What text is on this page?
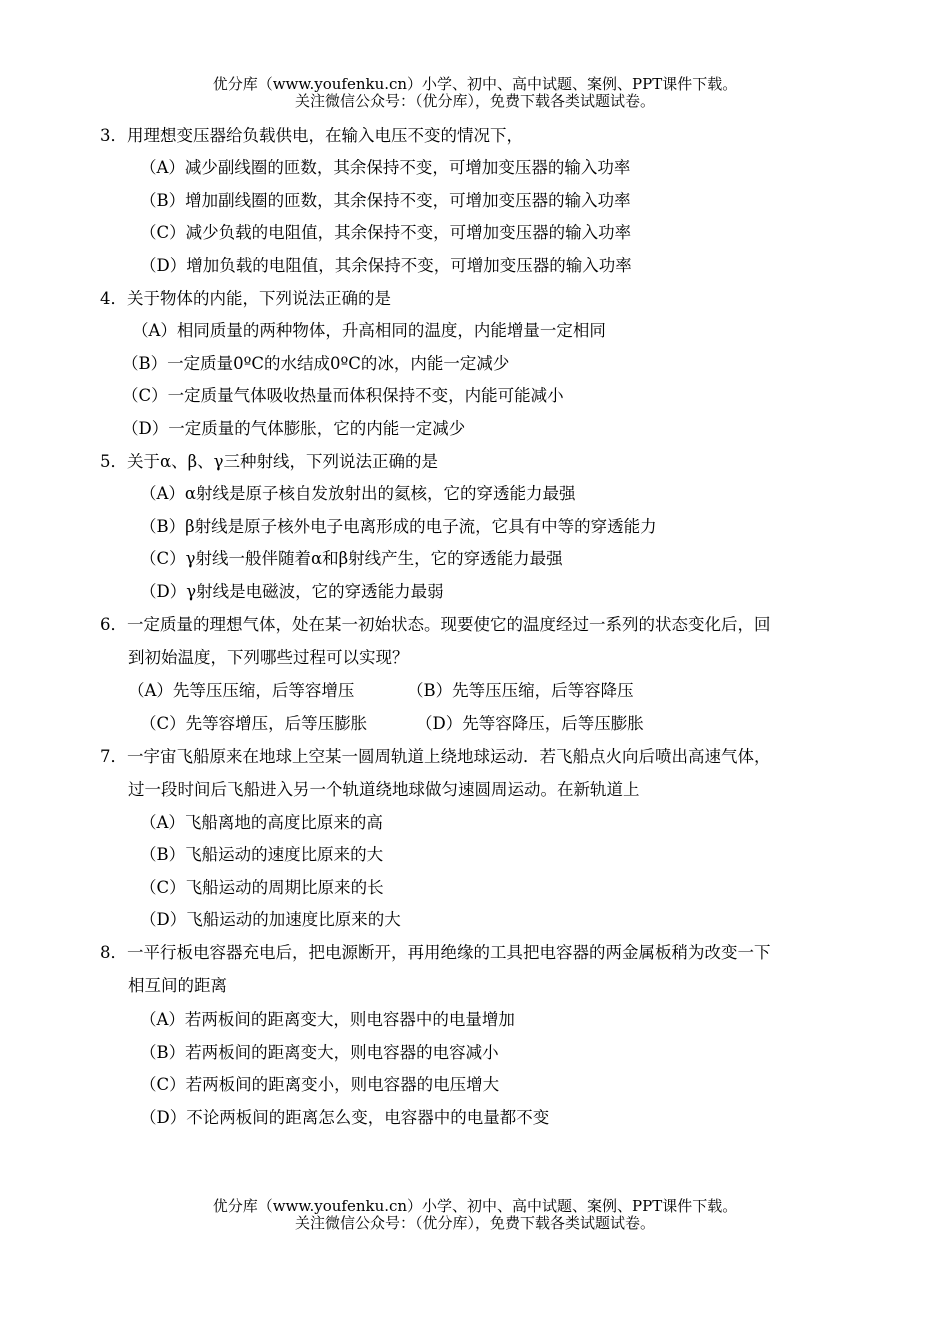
优分库（www.youfenku.cn）小学、初中、高中试题、案例、PPT课件下载。
关注微信公众号：（优分库），免费下载各类试题试卷。
3．用理想变压器给负载供电，在输入电压不变的情况下，
（A）减少副线圈的匝数，其余保持不变，可增加变压器的输入功率
（B）增加副线圈的匝数，其余保持不变，可增加变压器的输入功率
（C）减少负载的电阻值，其余保持不变，可增加变压器的输入功率
（D）增加负载的电阻值，其余保持不变，可增加变压器的输入功率
4．关于物体的内能，下列说法正确的是
（A）相同质量的两种物体，升高相同的温度，内能增量一定相同
（B）一定质量0ºC的水结成0ºC的冰，内能一定减少
（C）一定质量气体吸收热量而体积保持不变，内能可能减小
（D）一定质量的气体膨胀，它的内能一定减少
5．关于α、β、γ三种射线，下列说法正确的是
（A）α射线是原子核自发放射出的氦核，它的穿透能力最强
（B）β射线是原子核外电子电离形成的电子流，它具有中等的穿透能力
（C）γ射线一般伴随着α和β射线产生，它的穿透能力最强
（D）γ射线是电磁波，它的穿透能力最弱
6．一定质量的理想气体，处在某一初始状态。现要使它的温度经过一系列的状态变化后，回
到初始温度，下列哪些过程可以实现？
（A）先等压压缩，后等容增压	（B）先等压压缩，后等容降压
（C）先等容增压，后等压膨胀	（D）先等容降压，后等压膨胀
7．一宇宙飞船原来在地球上空某一圆周轨道上绕地球运动．若飞船点火向后喷出高速气体，
过一段时间后飞船进入另一个轨道绕地球做匀速圆周运动。在新轨道上
（A）飞船离地的高度比原来的高
（B）飞船运动的速度比原来的大
（C）飞船运动的周期比原来的长
（D）飞船运动的加速度比原来的大
8．一平行板电容器充电后，把电源断开，再用绝缘的工具把电容器的两金属板稍为改变一下
相互间的距离
（A）若两板间的距离变大，则电容器中的电量增加
（B）若两板间的距离变大，则电容器的电容减小
（C）若两板间的距离变小，则电容器的电压增大
（D）不论两板间的距离怎么变，电容器中的电量都不变
优分库（www.youfenku.cn）小学、初中、高中试题、案例、PPT课件下载。
关注微信公众号：（优分库），免费下载各类试题试卷。
